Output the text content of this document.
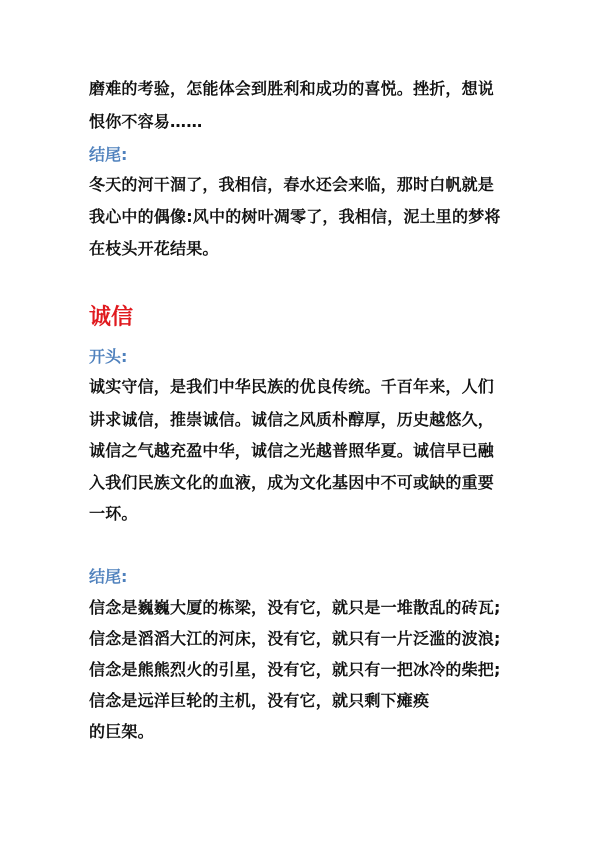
磨难的考验，怎能体会到胜利和成功的喜悦。挫折，想说
恨你不容易……
结尾:
冬天的河干涸了，我相信，春水还会来临，那时白帆就是
我心中的偶像:风中的树叶凋零了，我相信，泥土里的梦将
在枝头开花结果。
诚信
开头:
诚实守信，是我们中华民族的优良传统。千百年来，人们
讲求诚信，推崇诚信。诚信之风质朴醇厚，历史越悠久，
诚信之气越充盈中华，诚信之光越普照华夏。诚信早已融
入我们民族文化的血液，成为文化基因中不可或缺的重要
一环。
结尾:
信念是巍巍大厦的栋梁，没有它，就只是一堆散乱的砖瓦;
信念是滔滔大江的河床，没有它，就只有一片泛滥的波浪;
信念是熊熊烈火的引星，没有它，就只有一把冰冷的柴把;
信念是远洋巨轮的主机，没有它，就只剩下瘫痪
的巨架。
